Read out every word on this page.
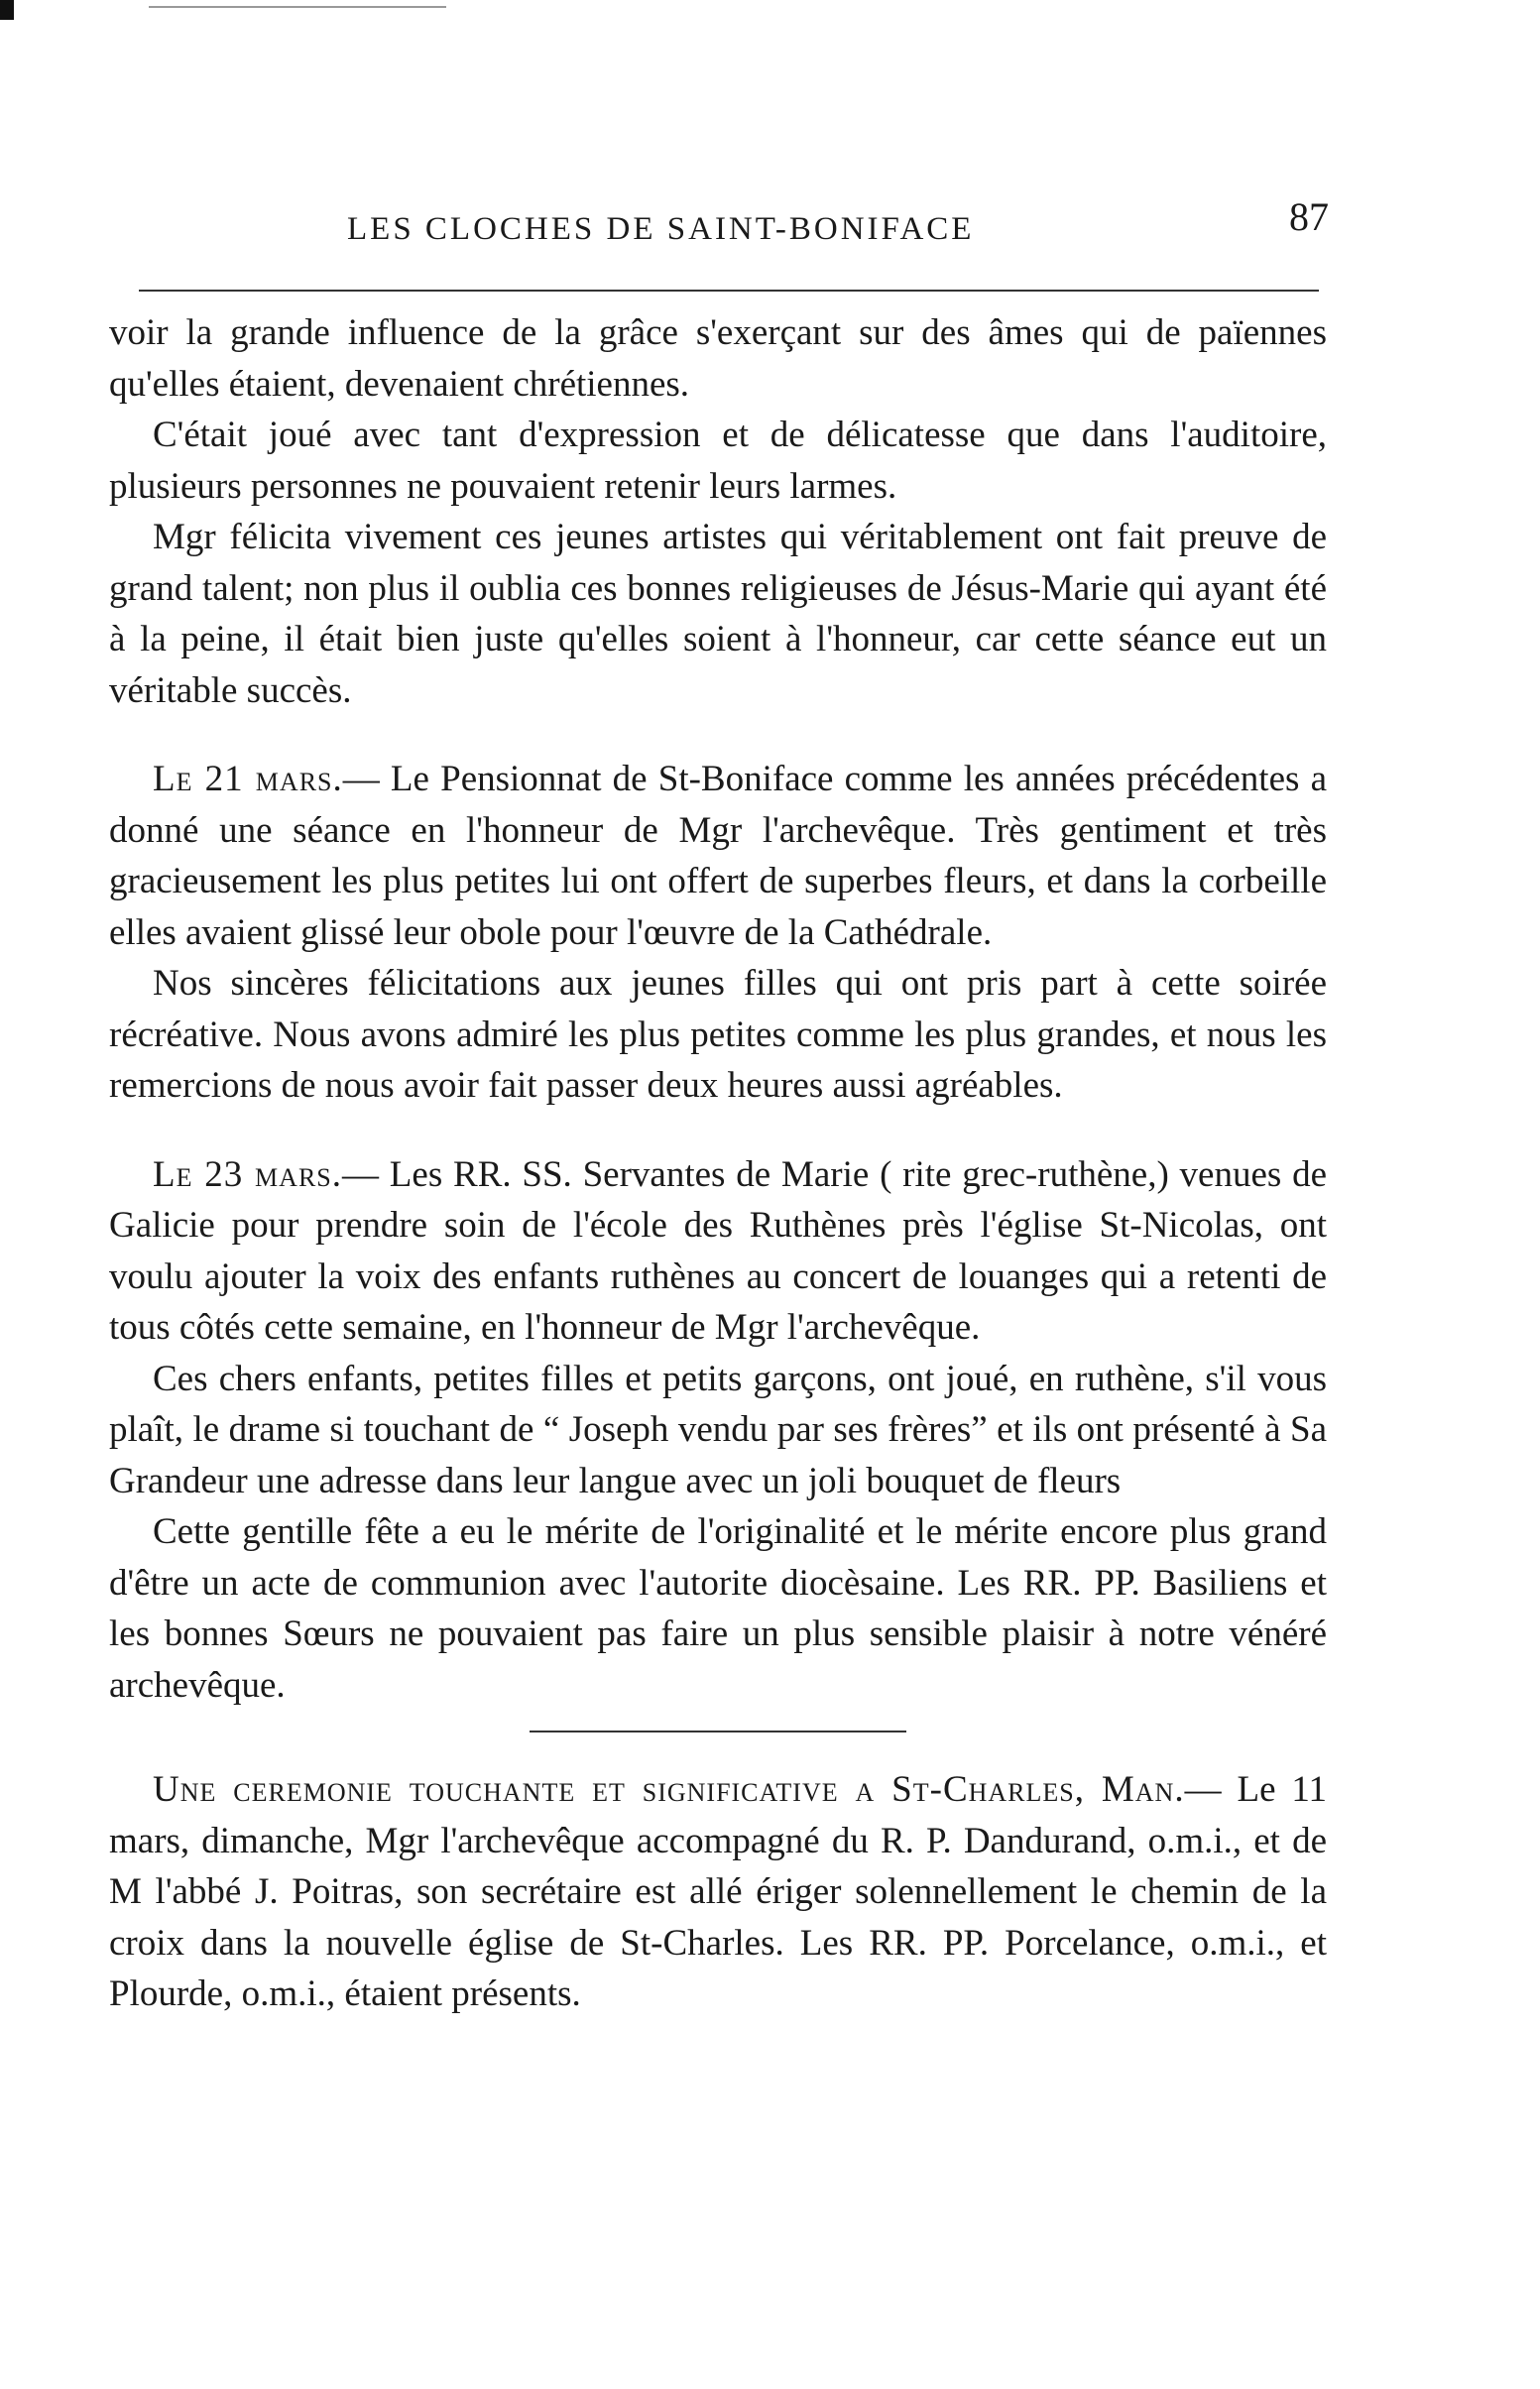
LES CLOCHES DE SAINT-BONIFACE	87

voir la grande influence de la grâce s'exerçant sur des âmes qui de païennes qu'elles étaient, devenaient chrétiennes.

C'était joué avec tant d'expression et de délicatesse que dans l'auditoire, plusieurs personnes ne pouvaient retenir leurs larmes.

Mgr félicita vivement ces jeunes artistes qui véritablement ont fait preuve de grand talent; non plus il oublia ces bonnes religieuses de Jésus-Marie qui ayant été à la peine, il était bien juste qu'elles soient à l'honneur, car cette séance eut un véritable succès.

Le 21 mars.— Le Pensionnat de St-Boniface comme les années précédentes a donné une séance en l'honneur de Mgr l'archevêque. Très gentiment et très gracieusement les plus petites lui ont offert de superbes fleurs, et dans la corbeille elles avaient glissé leur obole pour l'œuvre de la Cathédrale.

Nos sincères félicitations aux jeunes filles qui ont pris part à cette soirée récréative. Nous avons admiré les plus petites comme les plus grandes, et nous les remercions de nous avoir fait passer deux heures aussi agréables.

Le 23 mars.— Les RR. SS. Servantes de Marie ( rite grec-ruthène,) venues de Galicie pour prendre soin de l'école des Ruthènes près l'église St-Nicolas, ont voulu ajouter la voix des enfants ruthènes au concert de louanges qui a retenti de tous côtés cette semaine, en l'honneur de Mgr l'archevêque.

Ces chers enfants, petites filles et petits garçons, ont joué, en ruthène, s'il vous plaît, le drame si touchant de “ Joseph vendu par ses frères” et ils ont présenté à Sa Grandeur une adresse dans leur langue avec un joli bouquet de fleurs

Cette gentille fête a eu le mérite de l'originalité et le mérite encore plus grand d'être un acte de communion avec l'autorite diocèsaine. Les RR. PP. Basiliens et les bonnes Sœurs ne pouvaient pas faire un plus sensible plaisir à notre vénéré archevêque.

Une ceremonie touchante et significative a St-Charles, Man.— Le 11 mars, dimanche, Mgr l'archevêque accompagné du R. P. Dandurand, o.m.i., et de M l'abbé J. Poitras, son secrétaire est allé ériger solennellement le chemin de la croix dans la nouvelle église de St-Charles. Les RR. PP. Porcelance, o.m.i., et Plourde, o.m.i., étaient présents.
